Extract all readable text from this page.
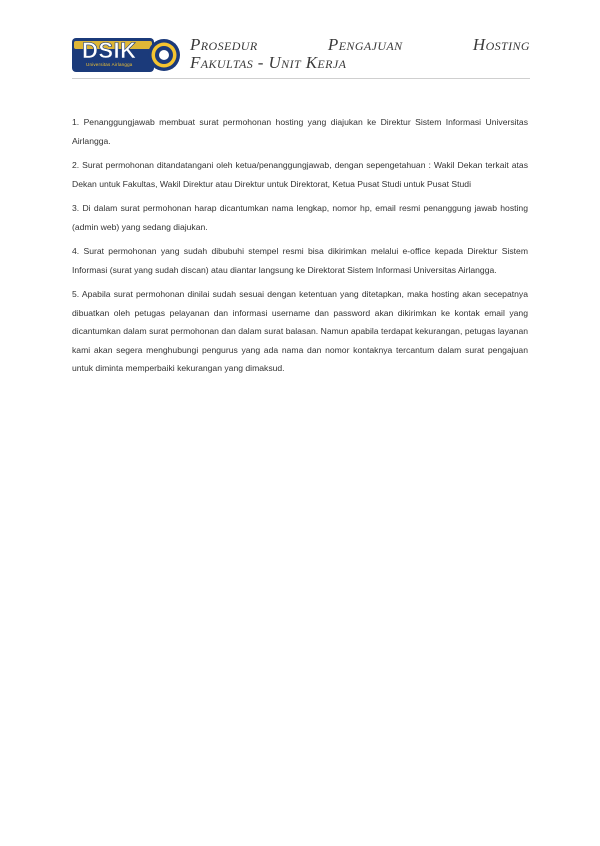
DSIK
Universitas Airlangga
Prosedur	Pengajuan	Hosting
Fakultas - Unit Kerja

1. Penanggungjawab membuat surat permohonan hosting yang diajukan ke Direktur Sistem Informasi Universitas Airlangga.

2. Surat permohonan ditandatangani oleh ketua/penanggungjawab, dengan sepengetahuan : Wakil Dekan terkait atas Dekan untuk Fakultas, Wakil Direktur atau Direktur untuk Direktorat, Ketua Pusat Studi untuk Pusat Studi

3. Di dalam surat permohonan harap dicantumkan nama lengkap, nomor hp, email resmi penanggung jawab hosting (admin web) yang sedang diajukan.

4. Surat permohonan yang sudah dibubuhi stempel resmi bisa dikirimkan melalui e-office kepada Direktur Sistem Informasi (surat yang sudah discan) atau diantar langsung ke Direktorat Sistem Informasi Universitas Airlangga.

5. Apabila surat permohonan dinilai sudah sesuai dengan ketentuan yang ditetapkan, maka hosting akan secepatnya dibuatkan oleh petugas pelayanan dan informasi username dan password akan dikirimkan ke kontak email yang dicantumkan dalam surat permohonan dan dalam surat balasan. Namun apabila terdapat kekurangan, petugas layanan kami akan segera menghubungi pengurus yang ada nama dan nomor kontaknya tercantum dalam surat pengajuan untuk diminta memperbaiki kekurangan yang dimaksud.
